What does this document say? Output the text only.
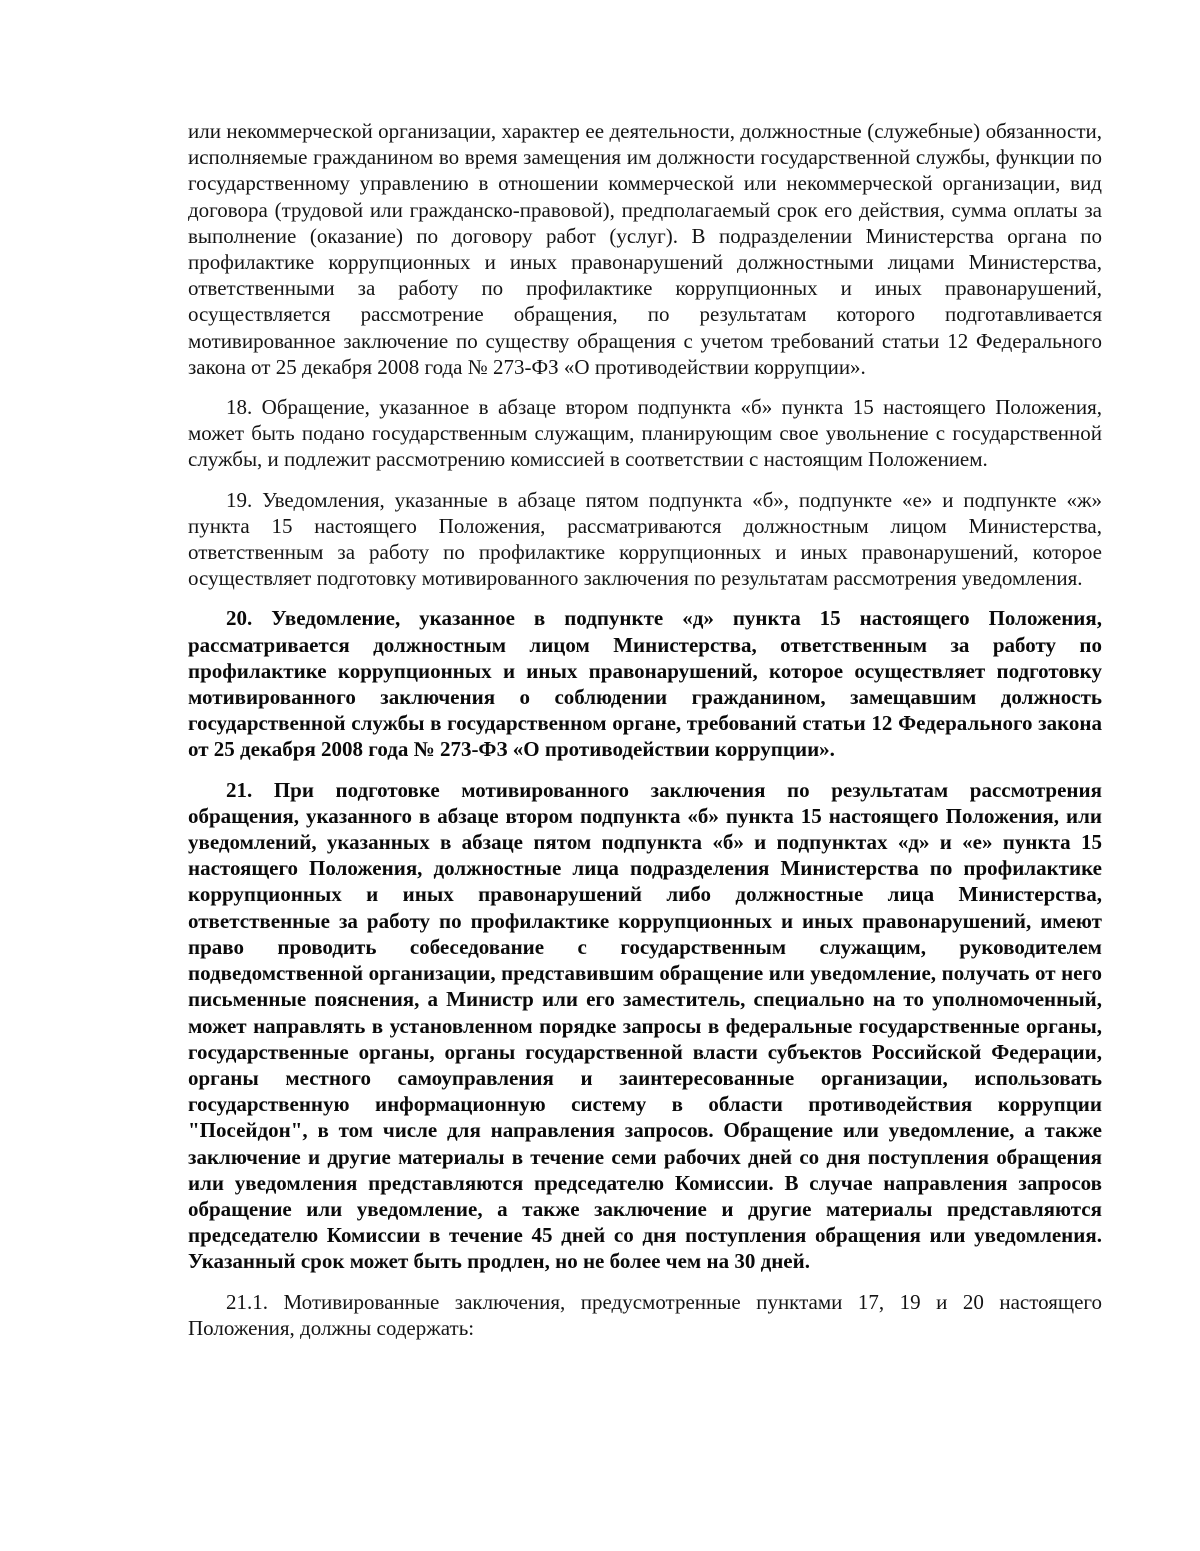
или некоммерческой организации, характер ее деятельности, должностные (служебные) обязанности, исполняемые гражданином во время замещения им должности государственной службы, функции по государственному управлению в отношении коммерческой или некоммерческой организации, вид договора (трудовой или гражданско-правовой), предполагаемый срок его действия, сумма оплаты за выполнение (оказание) по договору работ (услуг). В подразделении Министерства органа по профилактике коррупционных и иных правонарушений должностными лицами Министерства, ответственными за работу по профилактике коррупционных и иных правонарушений, осуществляется рассмотрение обращения, по результатам которого подготавливается мотивированное заключение по существу обращения с учетом требований статьи 12 Федерального закона от 25 декабря 2008 года № 273-ФЗ «О противодействии коррупции».

18. Обращение, указанное в абзаце втором подпункта «б» пункта 15 настоящего Положения, может быть подано государственным служащим, планирующим свое увольнение с государственной службы, и подлежит рассмотрению комиссией в соответствии с настоящим Положением.

19. Уведомления, указанные в абзаце пятом подпункта «б», подпункте «е» и подпункте «ж» пункта 15 настоящего Положения, рассматриваются должностным лицом Министерства, ответственным за работу по профилактике коррупционных и иных правонарушений, которое осуществляет подготовку мотивированного заключения по результатам рассмотрения уведомления.

20. Уведомление, указанное в подпункте «д» пункта 15 настоящего Положения, рассматривается должностным лицом Министерства, ответственным за работу по профилактике коррупционных и иных правонарушений, которое осуществляет подготовку мотивированного заключения о соблюдении гражданином, замещавшим должность государственной службы в государственном органе, требований статьи 12 Федерального закона от 25 декабря 2008 года № 273-ФЗ «О противодействии коррупции».

21. При подготовке мотивированного заключения по результатам рассмотрения обращения, указанного в абзаце втором подпункта «б» пункта 15 настоящего Положения, или уведомлений, указанных в абзаце пятом подпункта «б» и подпунктах «д» и «е» пункта 15 настоящего Положения, должностные лица подразделения Министерства по профилактике коррупционных и иных правонарушений либо должностные лица Министерства, ответственные за работу по профилактике коррупционных и иных правонарушений, имеют право проводить собеседование с государственным служащим, руководителем подведомственной организации, представившим обращение или уведомление, получать от него письменные пояснения, а Министр или его заместитель, специально на то уполномоченный, может направлять в установленном порядке запросы в федеральные государственные органы, государственные органы, органы государственной власти субъектов Российской Федерации, органы местного самоуправления и заинтересованные организации, использовать государственную информационную систему в области противодействия коррупции "Посейдон", в том числе для направления запросов. Обращение или уведомление, а также заключение и другие материалы в течение семи рабочих дней со дня поступления обращения или уведомления представляются председателю Комиссии. В случае направления запросов обращение или уведомление, а также заключение и другие материалы представляются председателю Комиссии в течение 45 дней со дня поступления обращения или уведомления. Указанный срок может быть продлен, но не более чем на 30 дней.

21.1. Мотивированные заключения, предусмотренные пунктами 17, 19 и 20 настоящего Положения, должны содержать:
